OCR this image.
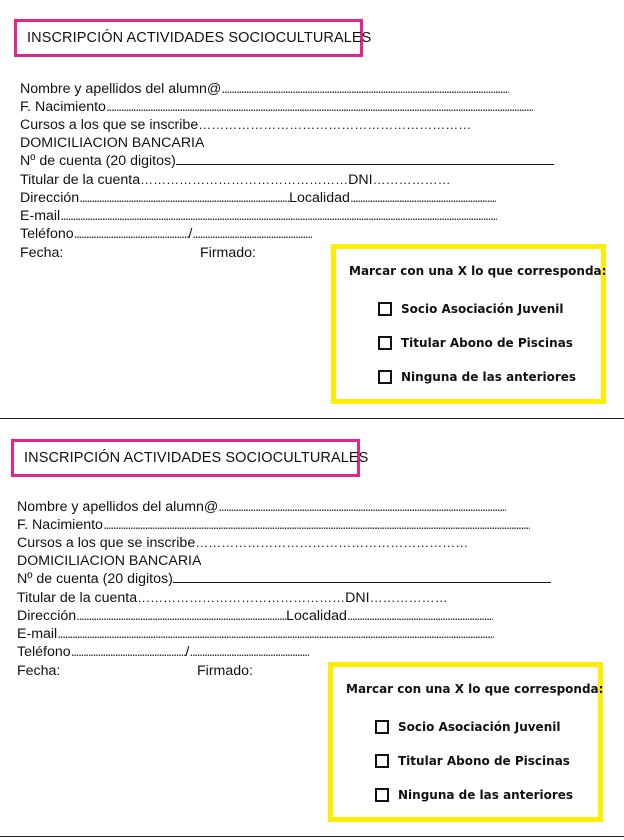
INSCRIPCIÓN ACTIVIDADES SOCIOCULTURALES
Nombre y apellidos del alumn@......................................................................................................................
F. Nacimiento...............................................................................................................................................................................
Cursos a los que se inscribe………………………………………………………
DOMICILIACION BANCARIA
Nº de cuenta (20 digitos)
Titular de la cuenta…………………………………………DNI………………
Dirección......................................................................................Localidad............................................................
E-mail...................................................................................................................................................................................
Teléfono.............................................../.................................................
Fecha:	Firmado:
Marcar con una X lo que corresponda:
Socio Asociación Juvenil
Titular Abono de Piscinas
Ninguna de las anteriores
INSCRIPCIÓN ACTIVIDADES SOCIOCULTURALES
Nombre y apellidos del alumn@......................................................................................................................
F. Nacimiento...............................................................................................................................................................................
Cursos a los que se inscribe………………………………………………………
DOMICILIACION BANCARIA
Nº de cuenta (20 digitos)
Titular de la cuenta…………………………………………DNI………………
Dirección......................................................................................Localidad............................................................
E-mail...................................................................................................................................................................................
Teléfono.............................................../.................................................
Fecha:	Firmado:
Marcar con una X lo que corresponda:
Socio Asociación Juvenil
Titular Abono de Piscinas
Ninguna de las anteriores
